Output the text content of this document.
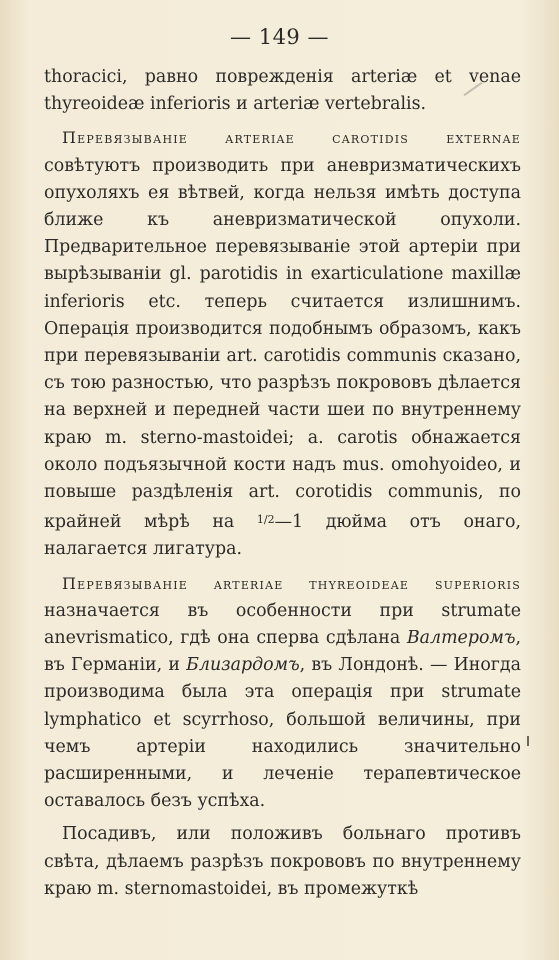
— 149 —

thoracici, равно поврежденія arteriæ et venae thyreoideæ inferioris и arteriæ vertebralis.

Перевязываніе arteriae carotidis externae совѣтуютъ производить при аневризматическихъ опухоляхъ ея вѣтвей, когда нельзя имѣть доступа ближе къ аневризматической опухоли. Предварительное перевязываніе этой артеріи при вырѣзываніи gl. parotidis in exarticulatione maxillæ inferioris etc. теперь считается излишнимъ. Операція производится подобнымъ образомъ, какъ при перевязываніи art. carotidis communis сказано, съ тою разностью, что разрѣзъ покрововъ дѣлается на верхней и передней части шеи по внутреннему краю m. sterno-mastoidei; a. carotis обнажается около подъязычной кости надъ mus. omohyoideo, и повыше раздѣленія art. corotidis communis, по крайней мѣрѣ на $^{1/2}$—1 дюйма отъ онаго, налагается лигатура.

Перевязываніе arteriae thyreoideae superioris назначается въ особенности при strumate anevrismatico, гдѣ она сперва сдѣлана Валтеромъ, въ Германіи, и Близардомъ, въ Лондонѣ. — Иногда производима была эта операція при strumate lymphatico et scyrrhoso, большой величины, при чемъ артеріи находились значительно расширенными, и леченіе терапевтическое оставалось безъ успѣха.

Посадивъ, или положивъ больнаго противъ свѣта, дѣлаемъ разрѣзъ покрововъ по внутреннему краю m. sternomastoidei, въ промежуткѣ
